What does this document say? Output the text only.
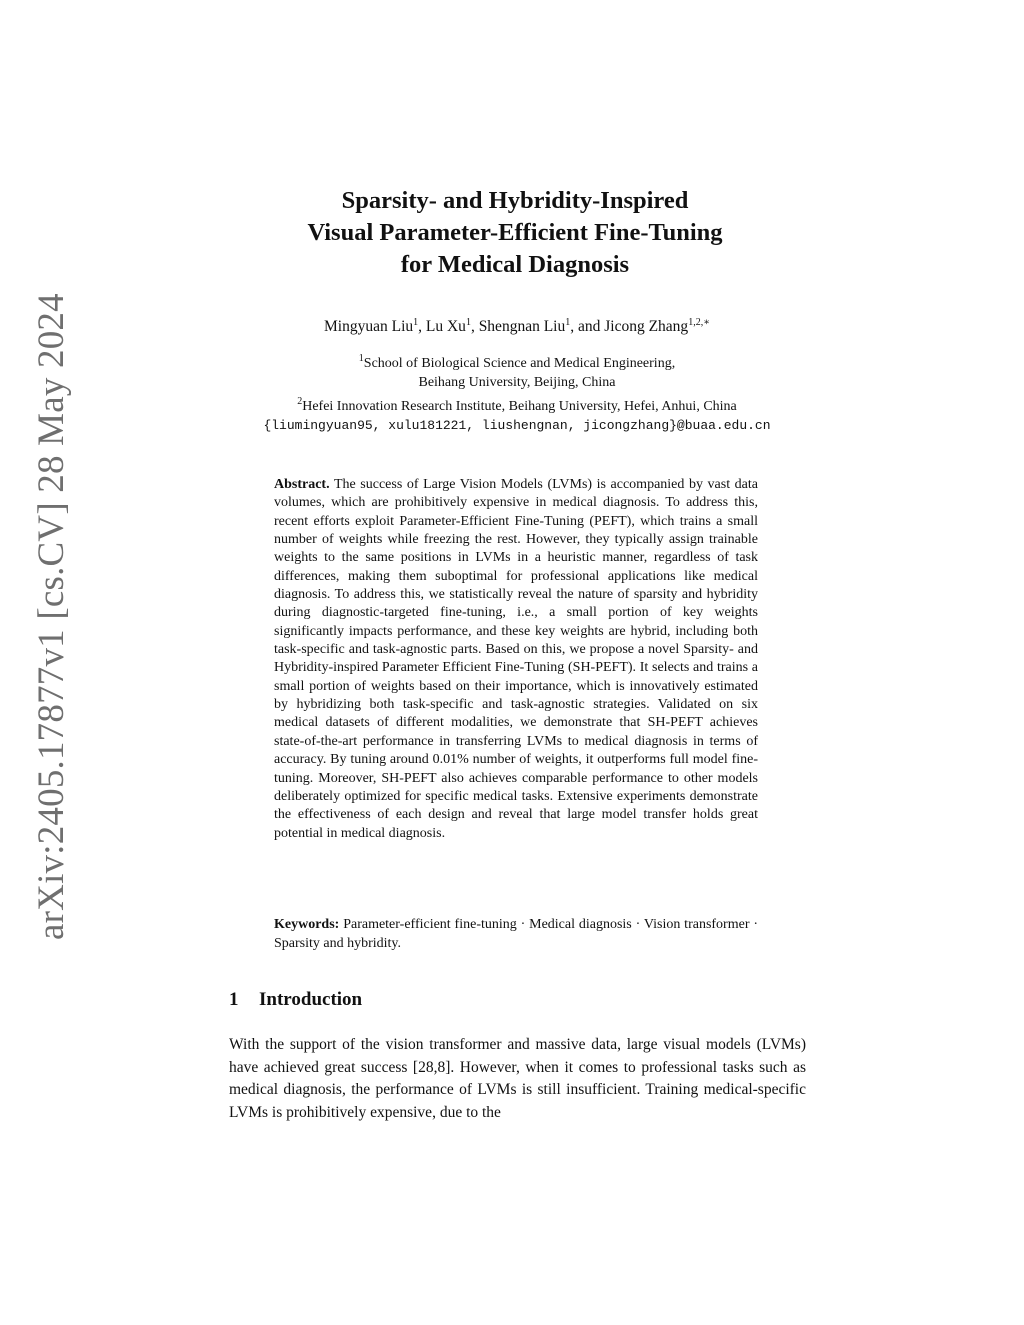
arXiv:2405.17877v1 [cs.CV] 28 May 2024
Sparsity- and Hybridity-Inspired
Visual Parameter-Efficient Fine-Tuning
for Medical Diagnosis
Mingyuan Liu$^1$, Lu Xu$^1$, Shengnan Liu$^1$, and Jicong Zhang$^{1,2,∗}$
$^1$School of Biological Science and Medical Engineering,
Beihang University, Beijing, China
$^2$Hefei Innovation Research Institute, Beihang University, Hefei, Anhui, China
{liumingyuan95, xulu181221, liushengnan, jicongzhang}@buaa.edu.cn
Abstract. The success of Large Vision Models (LVMs) is accompanied by vast data volumes, which are prohibitively expensive in medical diagnosis. To address this, recent efforts exploit Parameter-Efficient Fine-Tuning (PEFT), which trains a small number of weights while freezing the rest. However, they typically assign trainable weights to the same positions in LVMs in a heuristic manner, regardless of task differences, making them suboptimal for professional applications like medical diagnosis. To address this, we statistically reveal the nature of sparsity and hybridity during diagnostic-targeted fine-tuning, i.e., a small portion of key weights significantly impacts performance, and these key weights are hybrid, including both task-specific and task-agnostic parts. Based on this, we propose a novel Sparsity- and Hybridity-inspired Parameter Efficient Fine-Tuning (SH-PEFT). It selects and trains a small portion of weights based on their importance, which is innovatively estimated by hybridizing both task-specific and task-agnostic strategies. Validated on six medical datasets of different modalities, we demonstrate that SH-PEFT achieves state-of-the-art performance in transferring LVMs to medical diagnosis in terms of accuracy. By tuning around 0.01% number of weights, it outperforms full model fine-tuning. Moreover, SH-PEFT also achieves comparable performance to other models deliberately optimized for specific medical tasks. Extensive experiments demonstrate the effectiveness of each design and reveal that large model transfer holds great potential in medical diagnosis.
Keywords: Parameter-efficient fine-tuning · Medical diagnosis · Vision transformer · Sparsity and hybridity.
1 Introduction
With the support of the vision transformer and massive data, large visual models (LVMs) have achieved great success [28,8]. However, when it comes to professional tasks such as medical diagnosis, the performance of LVMs is still insufficient. Training medical-specific LVMs is prohibitively expensive, due to the
